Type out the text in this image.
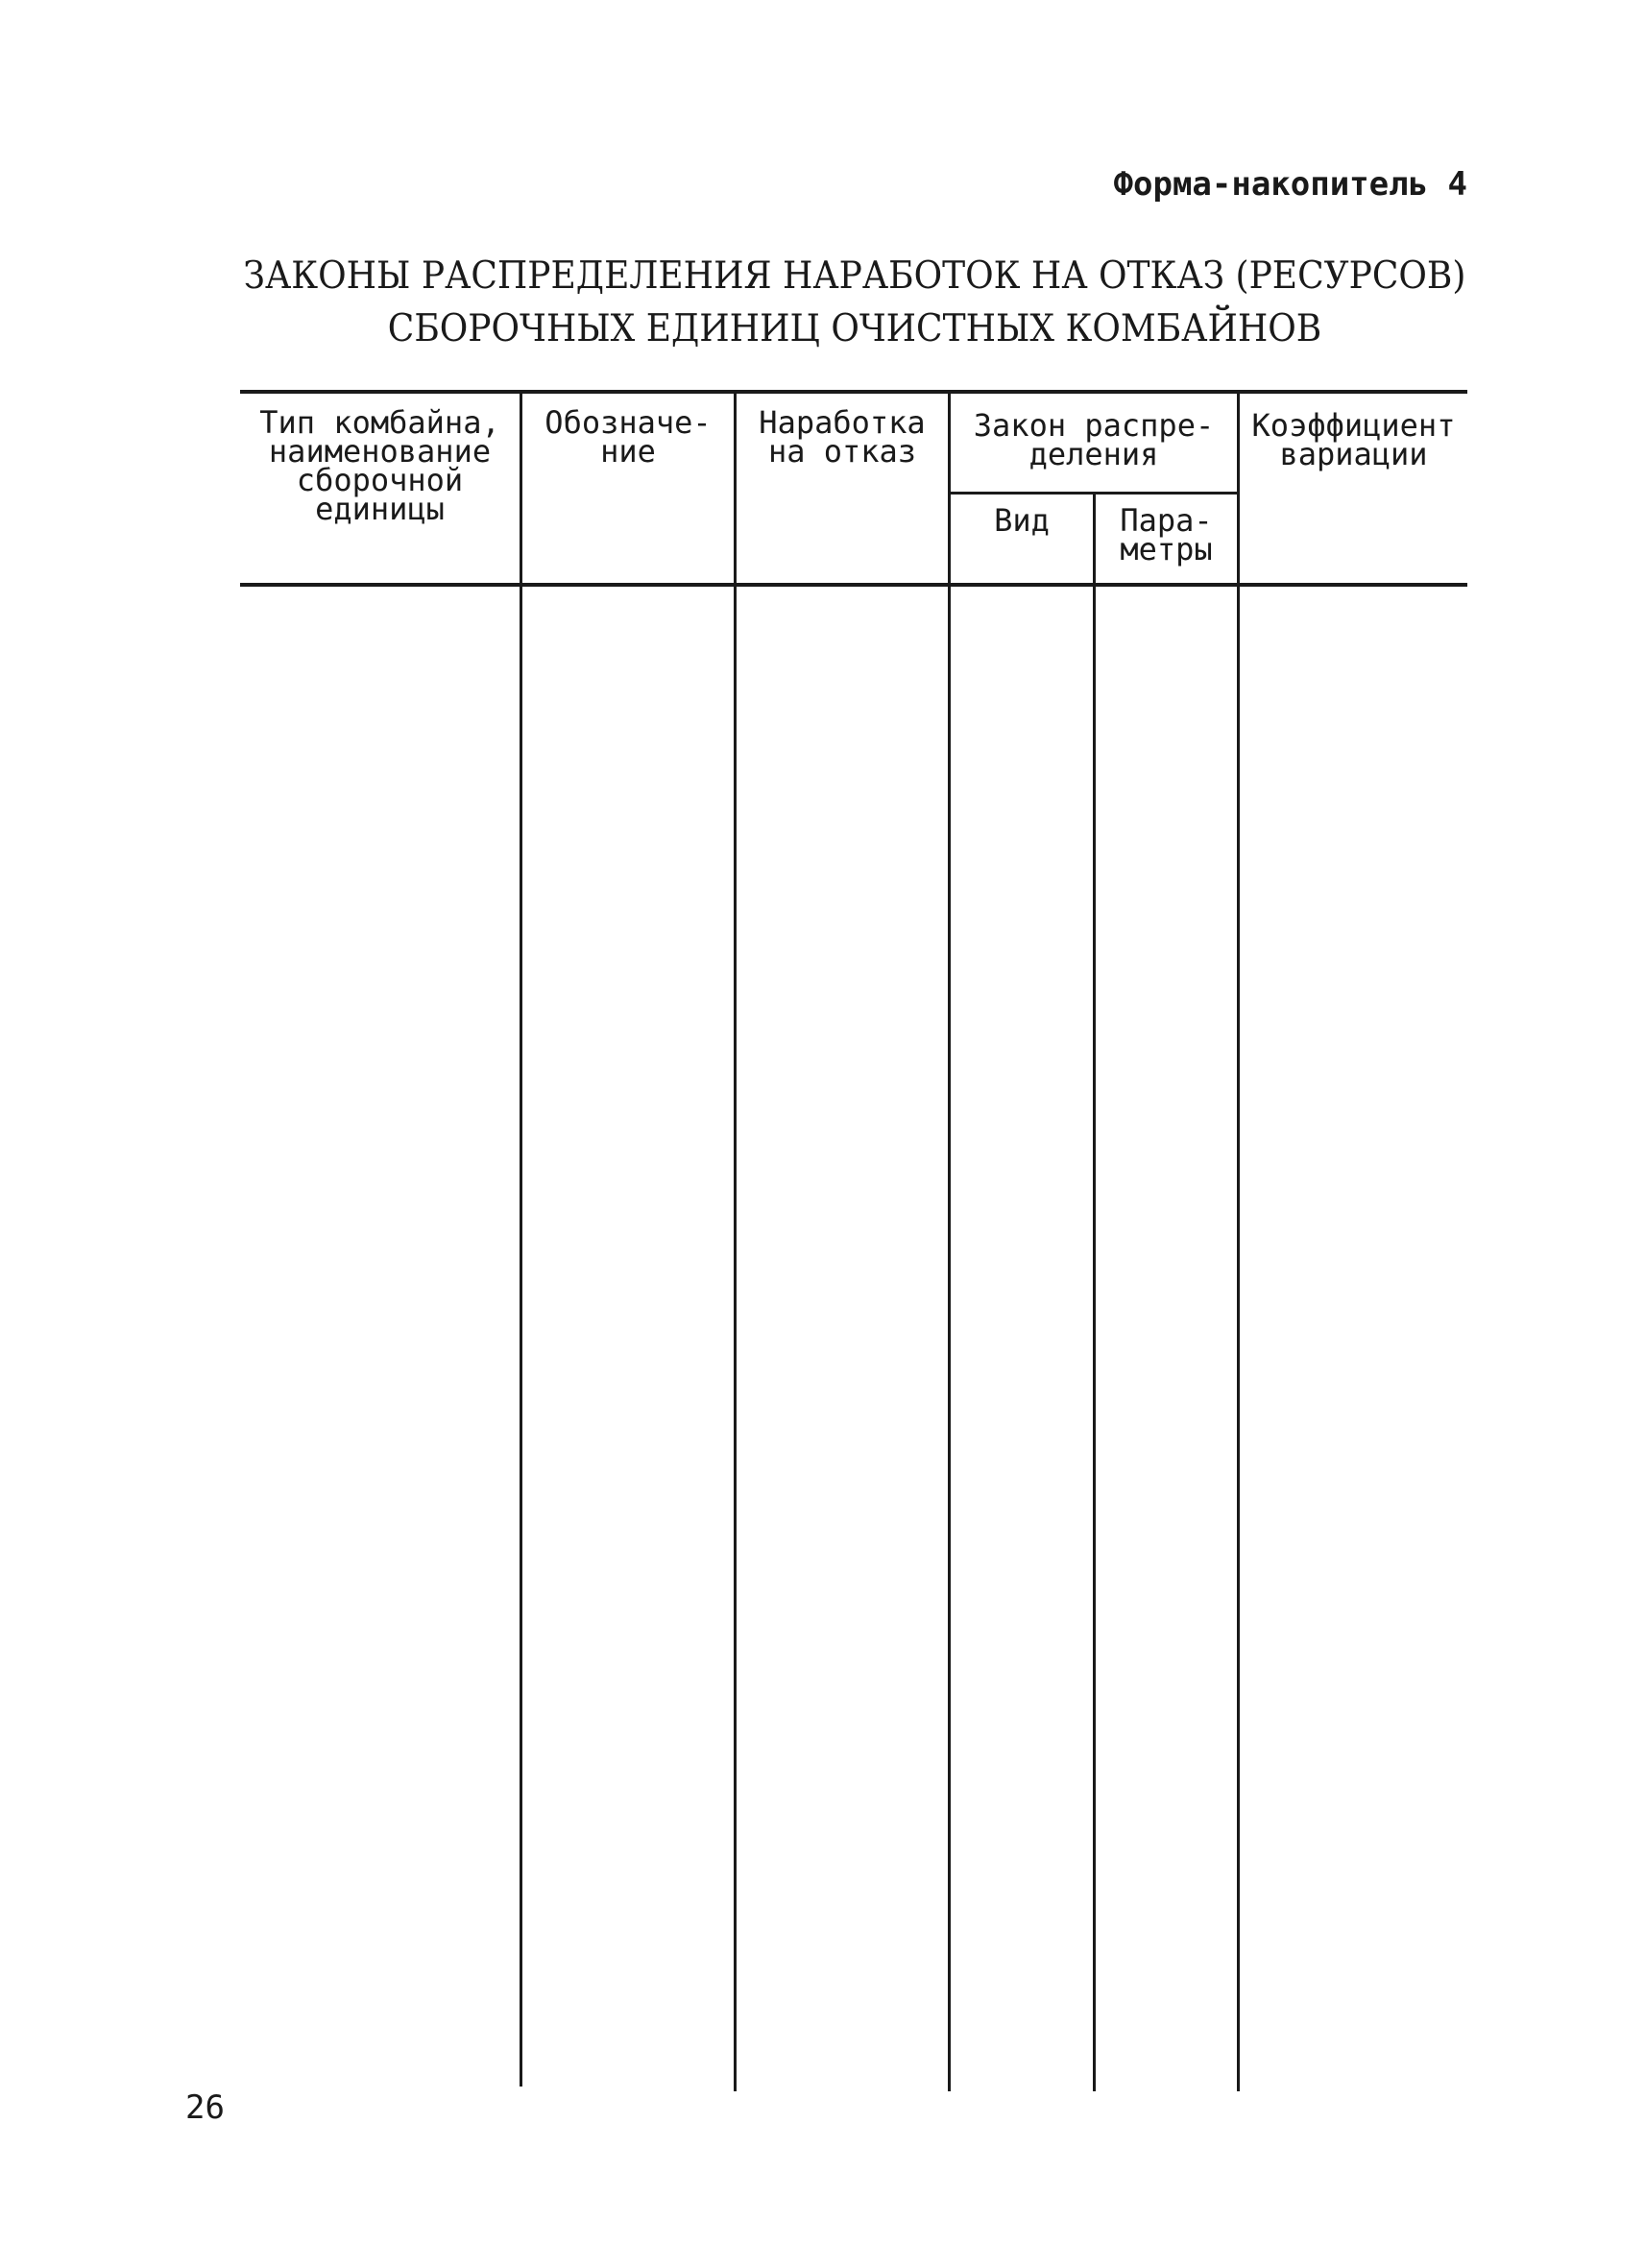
Форма-накопитель 4
ЗАКОНЫ РАСПРЕДЕЛЕНИЯ НАРАБОТОК НА ОТКАЗ (РЕСУРСОВ)
СБОРОЧНЫХ ЕДИНИЦ ОЧИСТНЫХ КОМБАЙНОВ
Тип комбайна,
наименование
сборочной
единицы
Обозначе-
ние
Наработка
на отказ
Закон распре-
деления
Вид	Пара-
метры
Коэффициент
вариации
26
